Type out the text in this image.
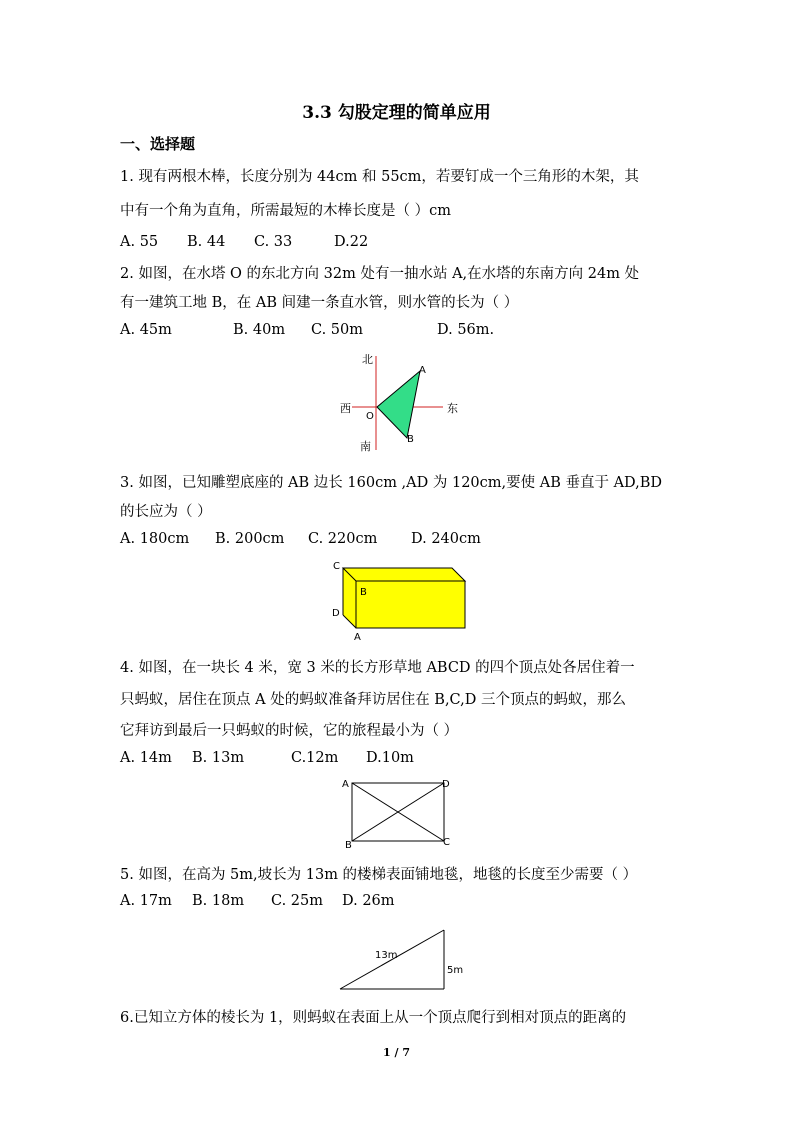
3.3 勾股定理的简单应用
一、选择题
1. 现有两根木棒，长度分别为 44cm 和 55cm，若要钉成一个三角形的木架，其
中有一个角为直角，所需最短的木棒长度是（ ）cm
A. 55 B. 44 C. 33	D.22
2. 如图，在水塔 O 的东北方向 32m 处有一抽水站 A,在水塔的东南方向 24m 处
有一建筑工地 B，在 AB 间建一条直水管，则水管的长为（ ）
A. 45m	B. 40m C. 50m	D. 56m.
北
南
西	东
O
A
B
3. 如图，已知雕塑底座的 AB 边长 160cm ,AD 为 120cm,要使 AB 垂直于 AD,BD
的长应为（ ）
A. 180cm B. 200cm C. 220cm D. 240cm
C
B
D
A
4. 如图，在一块长 4 米，宽 3 米的长方形草地 ABCD 的四个顶点处各居住着一
只蚂蚁，居住在顶点 A 处的蚂蚁准备拜访居住在 B,C,D 三个顶点的蚂蚁，那么
它拜访到最后一只蚂蚁的时候，它的旅程最小为（ ）
A. 14m B. 13m	C.12m D.10m
A	D
B	C
5. 如图，在高为 5m,坡长为 13m 的楼梯表面铺地毯，地毯的长度至少需要（ ）
A. 17m B. 18m C. 25m D. 26m
13m
5m
6.已知立方体的棱长为 1，则蚂蚁在表面上从一个顶点爬行到相对顶点的距离的
1 / 7
